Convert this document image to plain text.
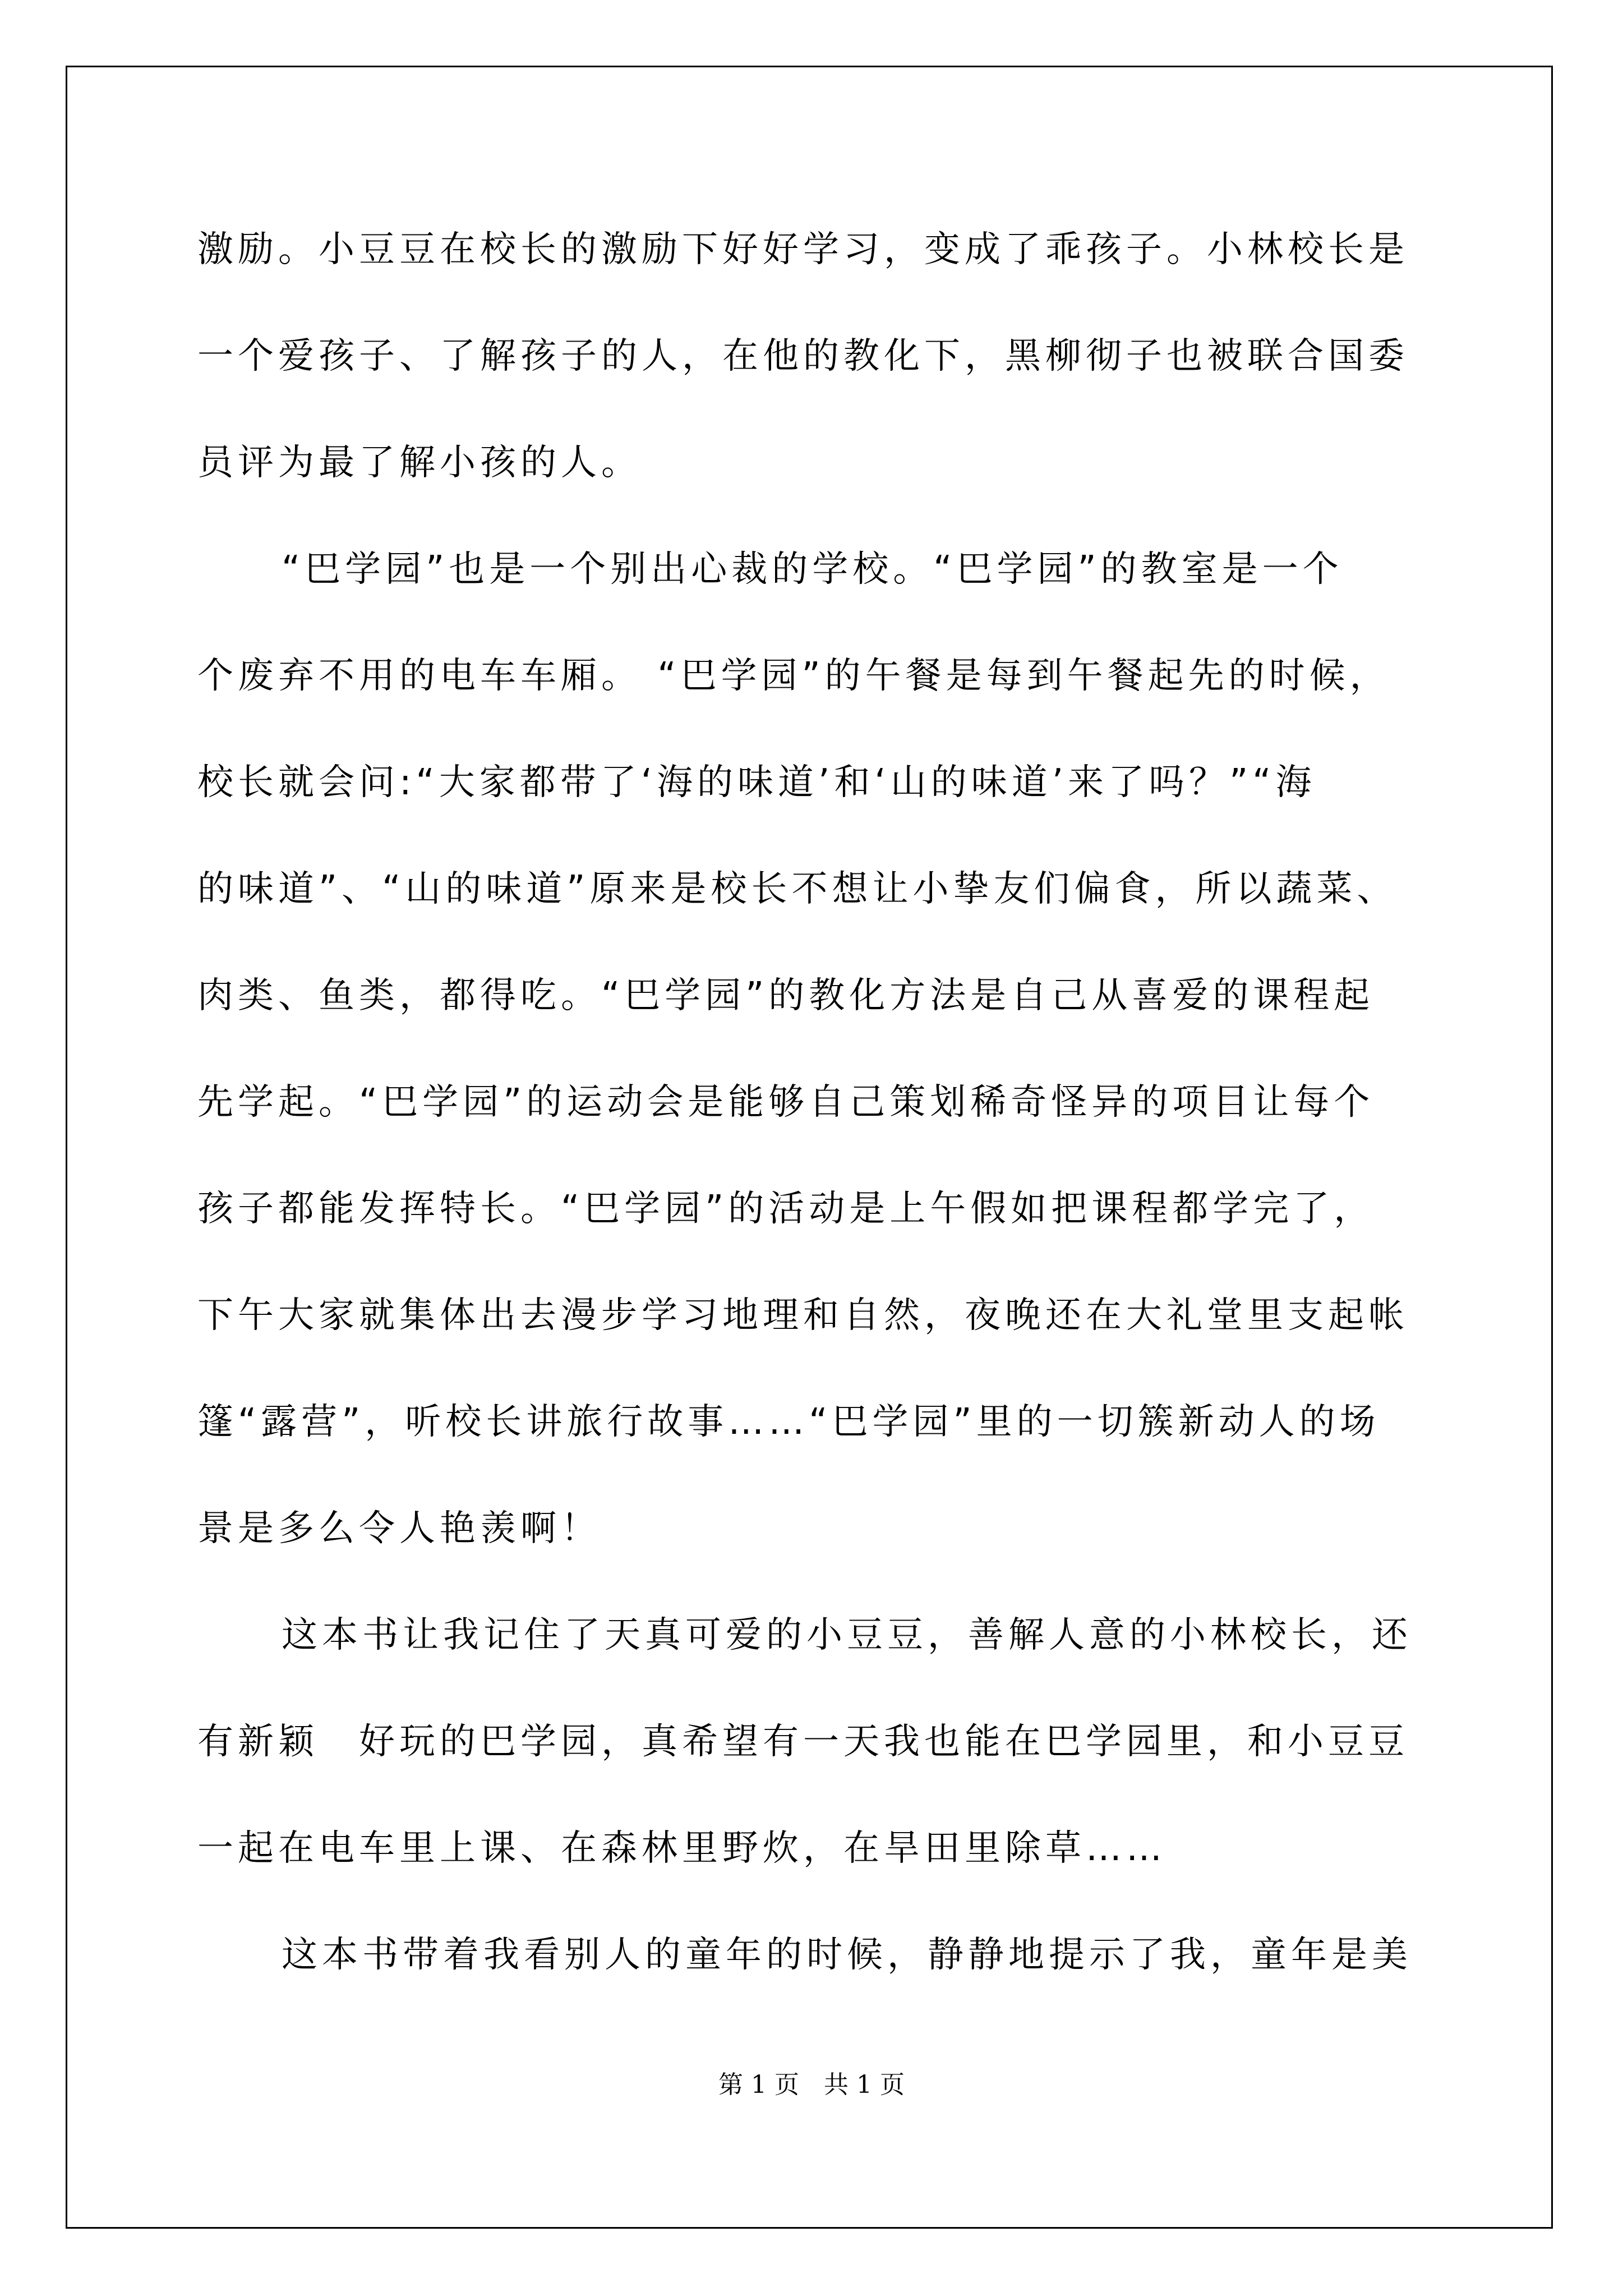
激励。小豆豆在校长的激励下好好学习，变成了乖孩子。小林校长是
一个爱孩子、了解孩子的人，在他的教化下，黑柳彻子也被联合国委
员评为最了解小孩的人。
“巴学园”也是一个别出心裁的学校。“巴学园”的教室是一个
个废弃不用的电车车厢。 “巴学园”的午餐是每到午餐起先的时候，
校长就会问:“大家都带了‘海的味道’和‘山的味道’来了吗？”“海
的味道”、“山的味道”原来是校长不想让小挚友们偏食，所以蔬菜、
肉类、鱼类，都得吃。“巴学园”的教化方法是自己从喜爱的课程起
先学起。“巴学园”的运动会是能够自己策划稀奇怪异的项目让每个
孩子都能发挥特长。“巴学园”的活动是上午假如把课程都学完了，
下午大家就集体出去漫步学习地理和自然，夜晚还在大礼堂里支起帐
篷“露营”，听校长讲旅行故事……“巴学园”里的一切簇新动人的场
景是多么令人艳羡啊！
这本书让我记住了天真可爱的小豆豆，善解人意的小林校长，还
有新颖　好玩的巴学园，真希望有一天我也能在巴学园里，和小豆豆
一起在电车里上课、在森林里野炊，在旱田里除草……
这本书带着我看别人的童年的时候，静静地提示了我，童年是美
第 1 页　共 1 页
